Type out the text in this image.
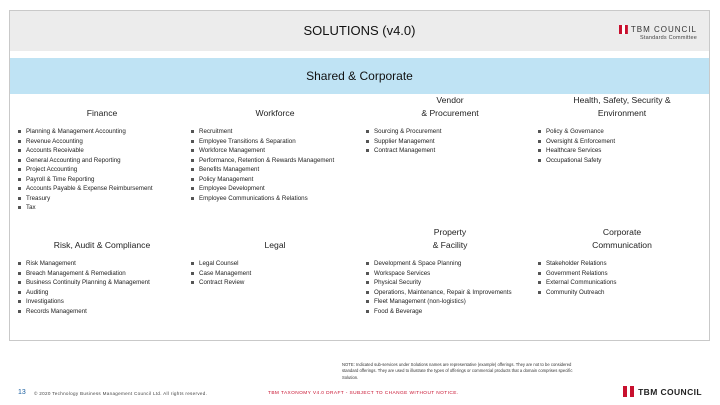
SOLUTIONS (v4.0)	TBM COUNCIL
Standards Committee
Shared & Corporate
Finance
Planning & Management Accounting
Revenue Accounting
Accounts Receivable
General Accounting and Reporting
Project Accounting
Payroll & Time Reporting
Accounts Payable & Expense Reimbursement
Treasury
Tax
Workforce
Recruitment
Employee Transitions & Separation
Workforce Management
Performance, Retention & Rewards Management
Benefits Management
Policy Management
Employee Development
Employee Communications & Relations
Vendor
& Procurement
Sourcing & Procurement
Supplier Management
Contract Management
Health, Safety, Security &
Environment
Policy & Governance
Oversight & Enforcement
Healthcare Services
Occupational Safety
Risk, Audit & Compliance
Risk Management
Breach Management & Remediation
Business Continuity Planning & Management
Auditing
Investigations
Records Management
Legal
Legal Counsel
Case Management
Contract Review
Property
& Facility
Development & Space Planning
Workspace Services
Physical Security
Operations, Maintenance, Repair & Improvements
Fleet Management (non-logistics)
Food & Beverage
Corporate
Communication
Stakeholder Relations
Government Relations
External Communications
Community Outreach
NOTE: Indicated sub-services under Solutions names are representative (example) offerings. They are not to be considered standard offerings. They are used to illustrate the types of offerings or commercial products that a domain comprises specific Solution.
13 © 2020 Technology Business Management Council Ltd. All rights reserved.	TBM TAXONOMY V4.0 DRAFT - SUBJECT TO CHANGE WITHOUT NOTICE.	TBM COUNCIL
